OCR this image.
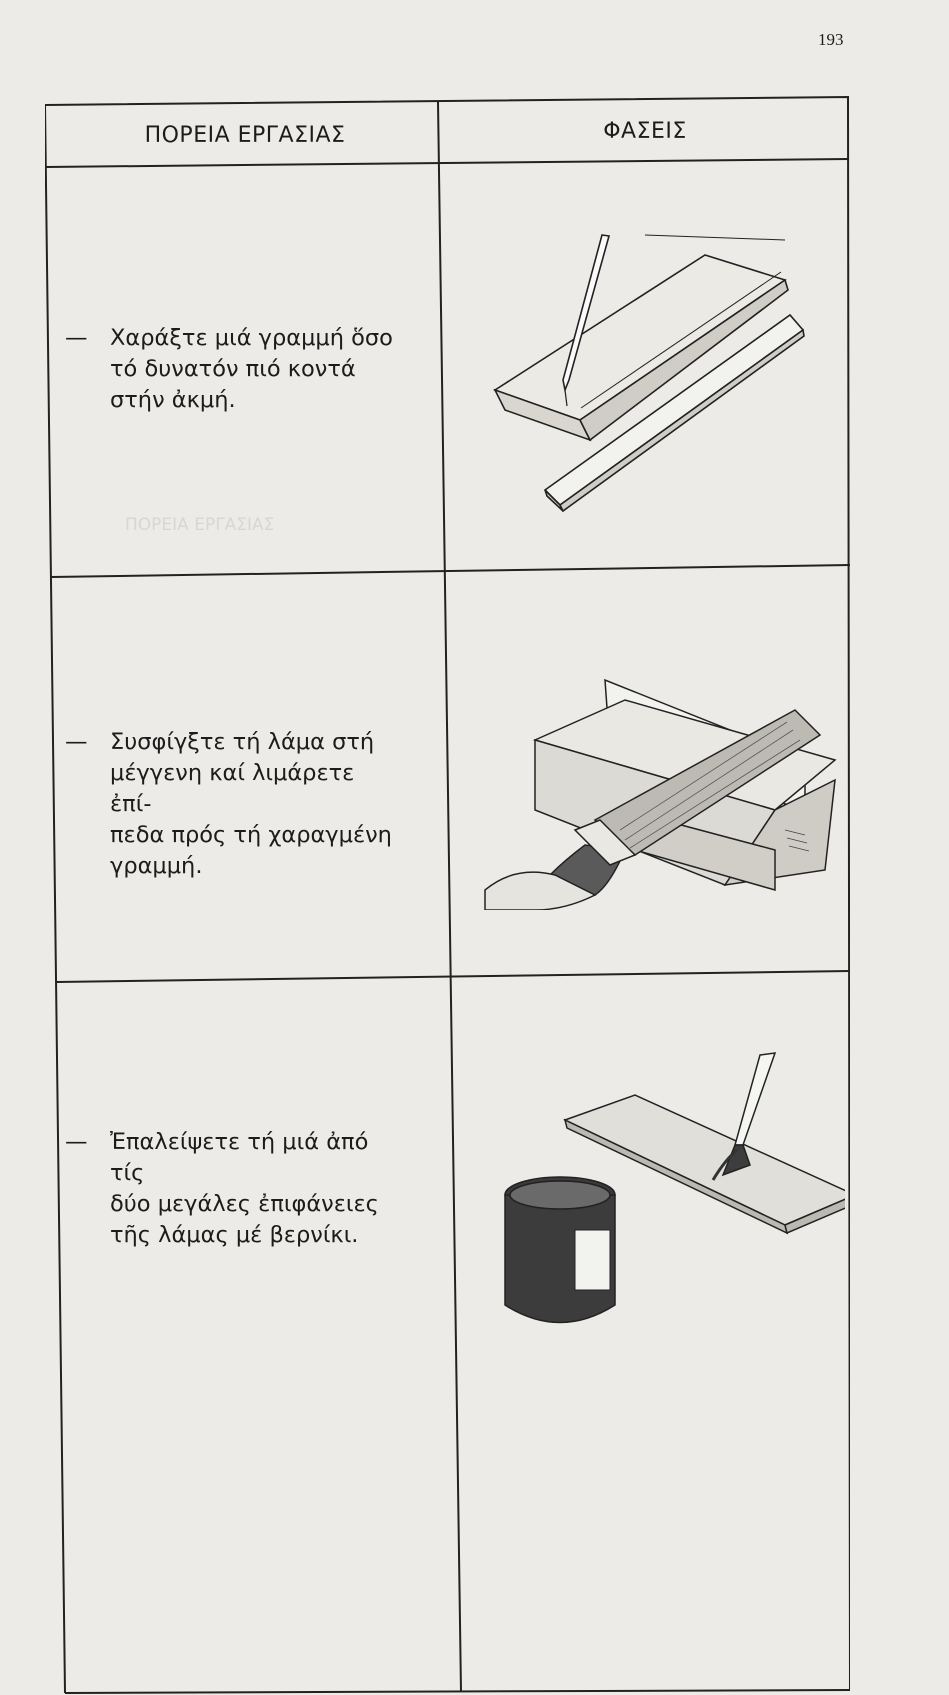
193
ΠΟΡΕΙΑ ΕΡΓΑΣΙΑΣ	ΦΑΣΕΙΣ
—	Χαράξτε μιά γραμμή ὅσο
τό δυνατόν πιό κοντά
στήν ἀκμή.
—	Συσφίγξτε τή λάμα στή
μέγγενη καί λιμάρετε ἐπί-
πεδα πρός τή χαραγμένη
γραμμή.
—	Ἐπαλείψετε τή μιά ἀπό τίς
δύο μεγάλες ἐπιφάνειες
τῆς λάμας μέ βερνίκι.
ΠΟΡΕΙΑ ΕΡΓΑΣΙΑΣ
